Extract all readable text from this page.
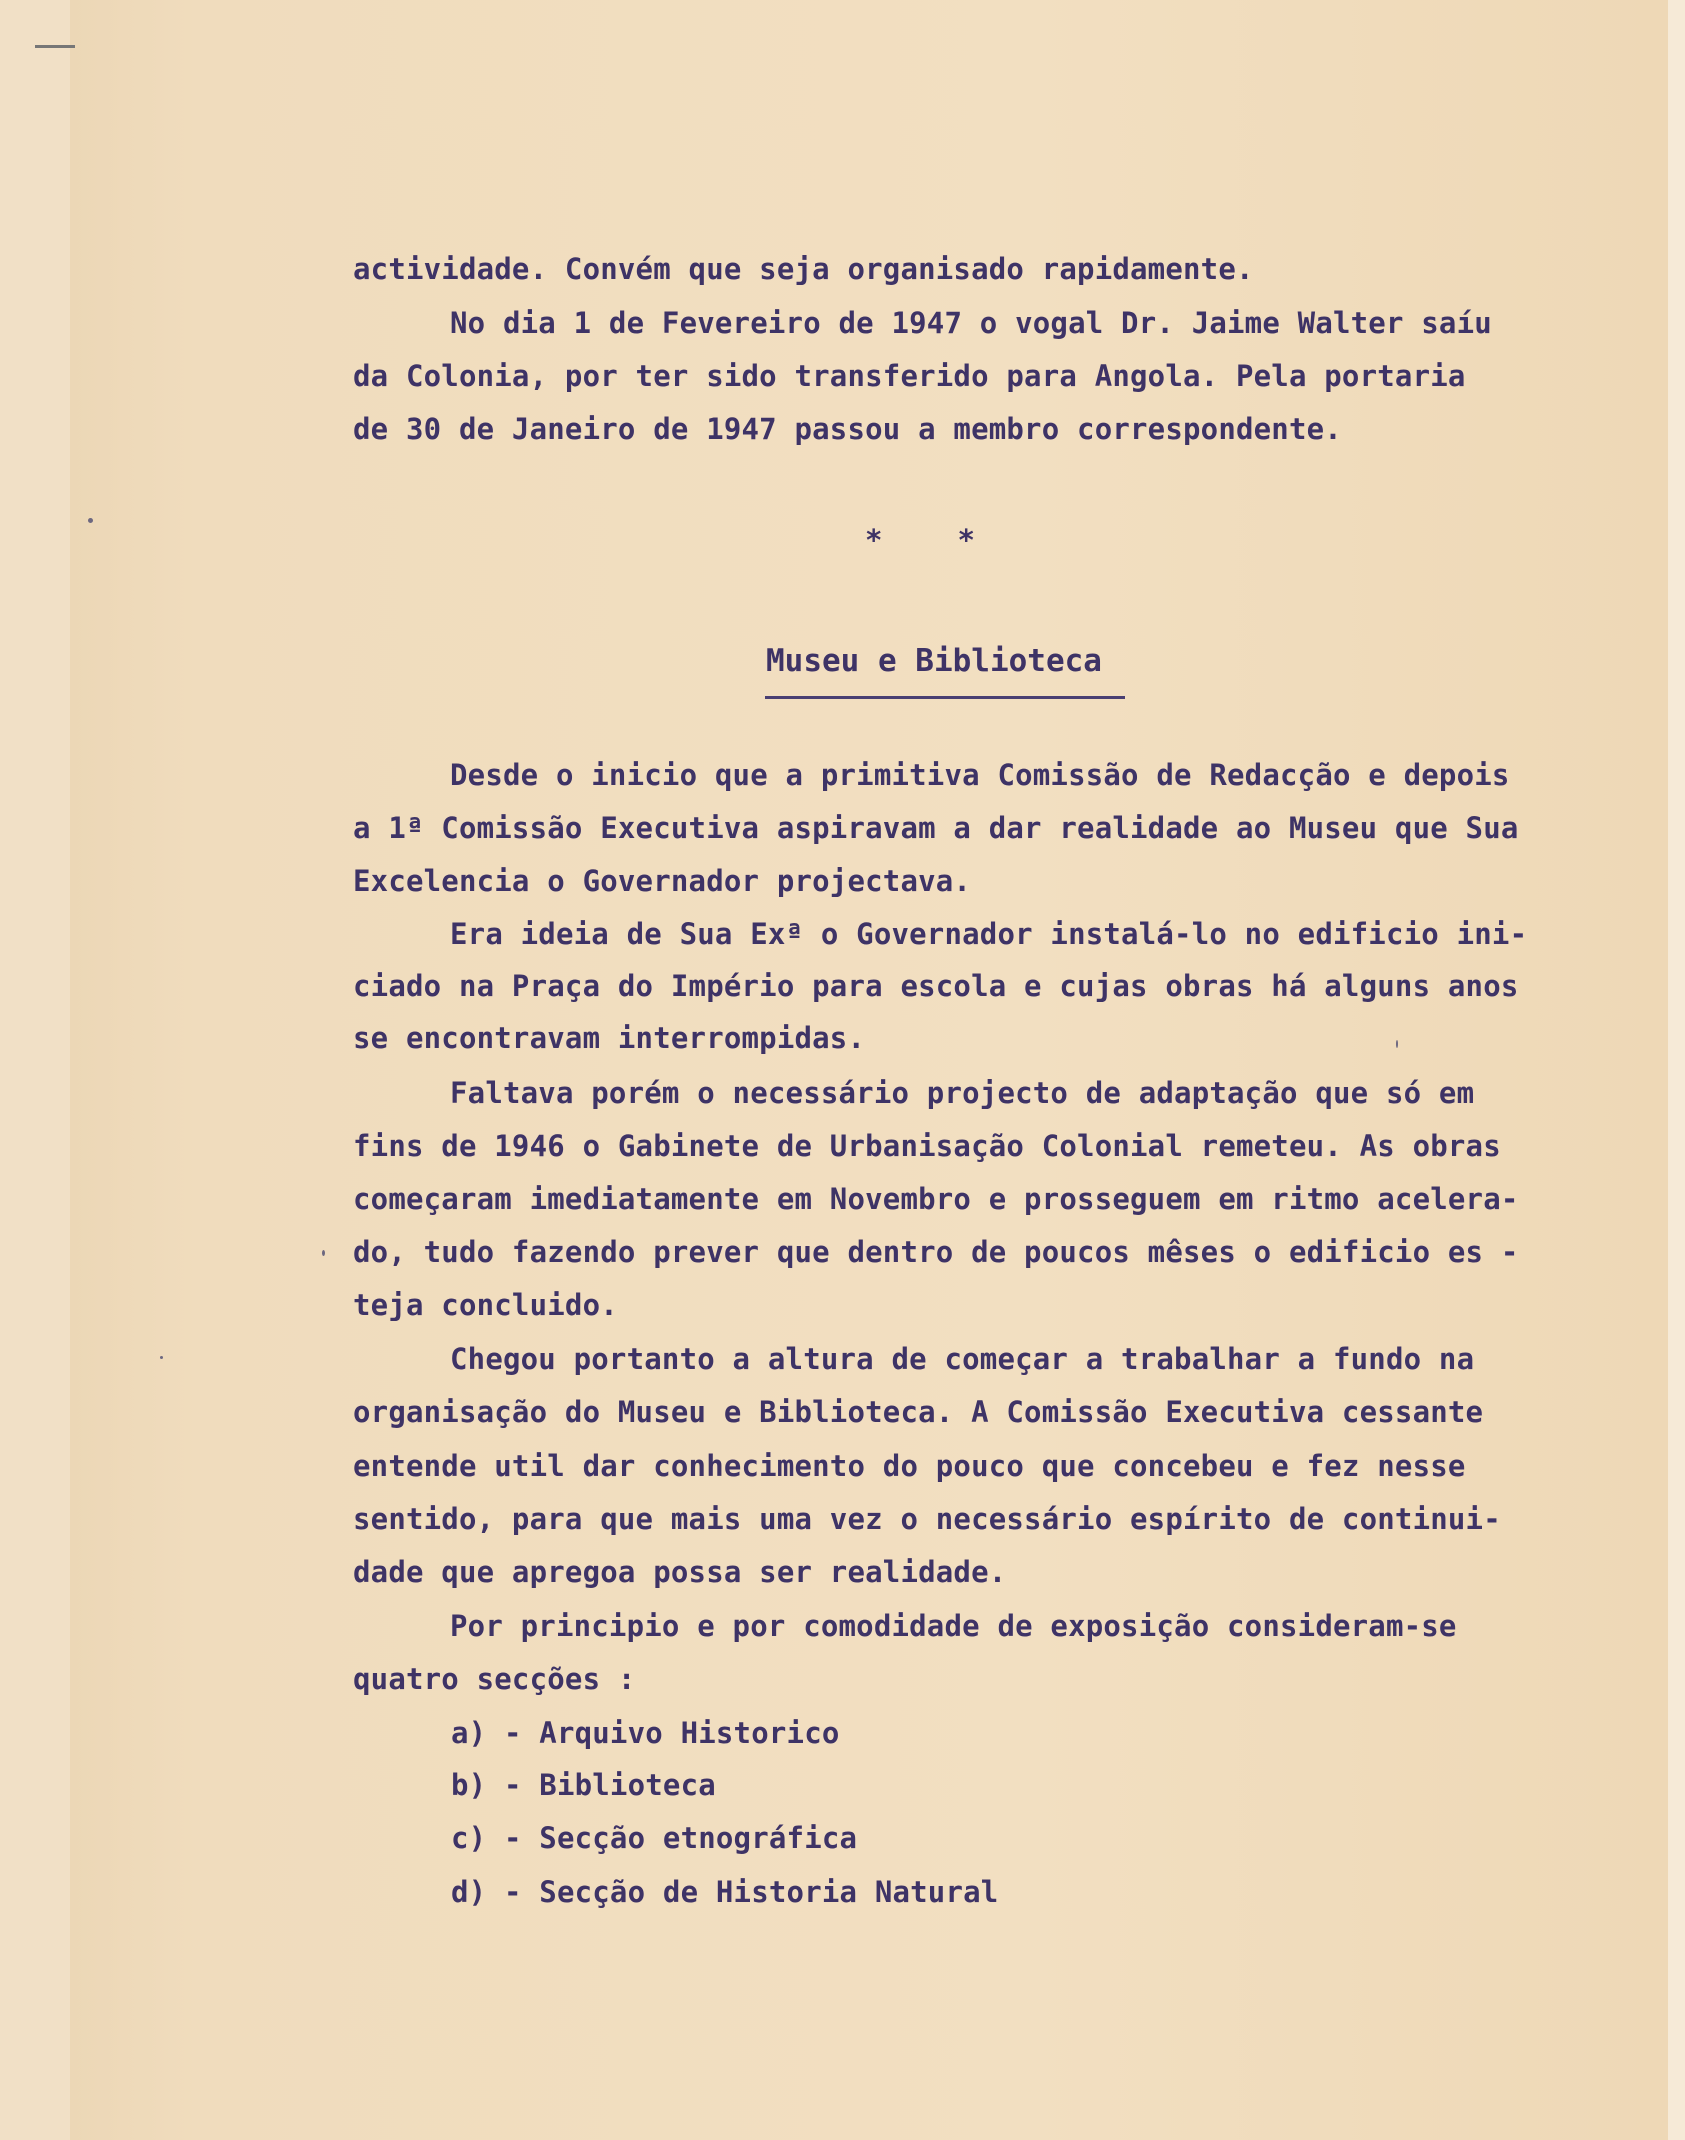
actividade. Convém que seja organisado rapidamente.

No dia 1 de Fevereiro de 1947 o vogal Dr. Jaime Walter saíu

da Colonia, por ter sido transferido para Angola. Pela portaria

de 30 de Janeiro de 1947 passou a membro correspondente.

*	*
Museu e Biblioteca

Desde o inicio que a primitiva Comissão de Redacção e depois

a 1ª Comissão Executiva aspiravam a dar realidade ao Museu que Sua

Excelencia o Governador projectava.

Era ideia de Sua Exª o Governador instalá-lo no edificio ini-

ciado na Praça do Império para escola e cujas obras há alguns anos

se encontravam interrompidas.

Faltava porém o necessário projecto de adaptação que só em

fins de 1946 o Gabinete de Urbanisação Colonial remeteu. As obras

começaram imediatamente em Novembro e prosseguem em ritmo acelera-

do, tudo fazendo prever que dentro de poucos mêses o edificio es -

teja concluido.

Chegou portanto a altura de começar a trabalhar a fundo na

organisação do Museu e Biblioteca. A Comissão Executiva cessante

entende util dar conhecimento do pouco que concebeu e fez nesse

sentido, para que mais uma vez o necessário espírito de continui-

dade que apregoa possa ser realidade.

Por principio e por comodidade de exposição consideram-se

quatro secções :

a) - Arquivo Historico

b) - Biblioteca

c) - Secção etnográfica

d) - Secção de Historia Natural
